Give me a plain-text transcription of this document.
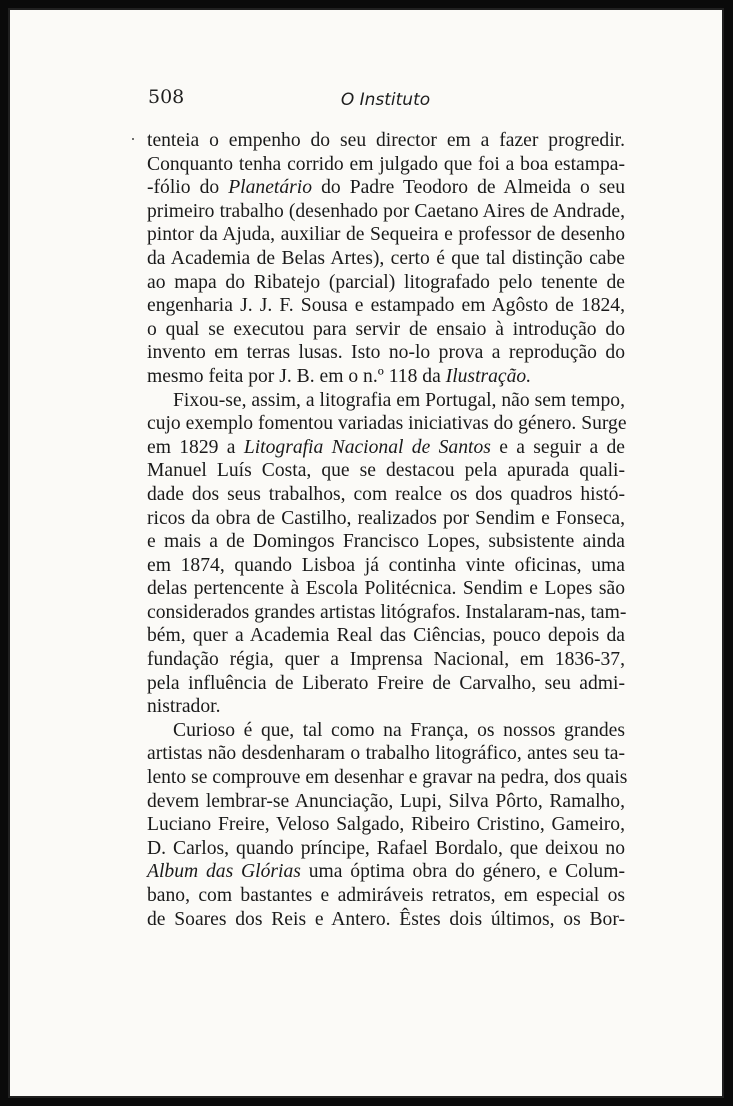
508	O Instituto
tenteia o empenho do seu director em a fazer progredir.
Conquanto tenha corrido em julgado que foi a boa estampa-
-fólio do Planetário do Padre Teodoro de Almeida o seu
primeiro trabalho (desenhado por Caetano Aires de Andrade,
pintor da Ajuda, auxiliar de Sequeira e professor de desenho
da Academia de Belas Artes), certo é que tal distinção cabe
ao mapa do Ribatejo (parcial) litografado pelo tenente de
engenharia J. J. F. Sousa e estampado em Agôsto de 1824,
o qual se executou para servir de ensaio à introdução do
invento em terras lusas. Isto no-lo prova a reprodução do
mesmo feita por J. B. em o n.º 118 da Ilustração.
Fixou-se, assim, a litografia em Portugal, não sem tempo,
cujo exemplo fomentou variadas iniciativas do género. Surge
em 1829 a Litografia Nacional de Santos e a seguir a de
Manuel Luís Costa, que se destacou pela apurada quali-
dade dos seus trabalhos, com realce os dos quadros histó-
ricos da obra de Castilho, realizados por Sendim e Fonseca,
e mais a de Domingos Francisco Lopes, subsistente ainda
em 1874, quando Lisboa já continha vinte oficinas, uma
delas pertencente à Escola Politécnica. Sendim e Lopes são
considerados grandes artistas litógrafos. Instalaram-nas, tam-
bém, quer a Academia Real das Ciências, pouco depois da
fundação régia, quer a Imprensa Nacional, em 1836-37,
pela influência de Liberato Freire de Carvalho, seu admi-
nistrador.
Curioso é que, tal como na França, os nossos grandes
artistas não desdenharam o trabalho litográfico, antes seu ta-
lento se comprouve em desenhar e gravar na pedra, dos quais
devem lembrar-se Anunciação, Lupi, Silva Pôrto, Ramalho,
Luciano Freire, Veloso Salgado, Ribeiro Cristino, Gameiro,
D. Carlos, quando príncipe, Rafael Bordalo, que deixou no
Album das Glórias uma óptima obra do género, e Colum-
bano, com bastantes e admiráveis retratos, em especial os
de Soares dos Reis e Antero. Êstes dois últimos, os Bor-
